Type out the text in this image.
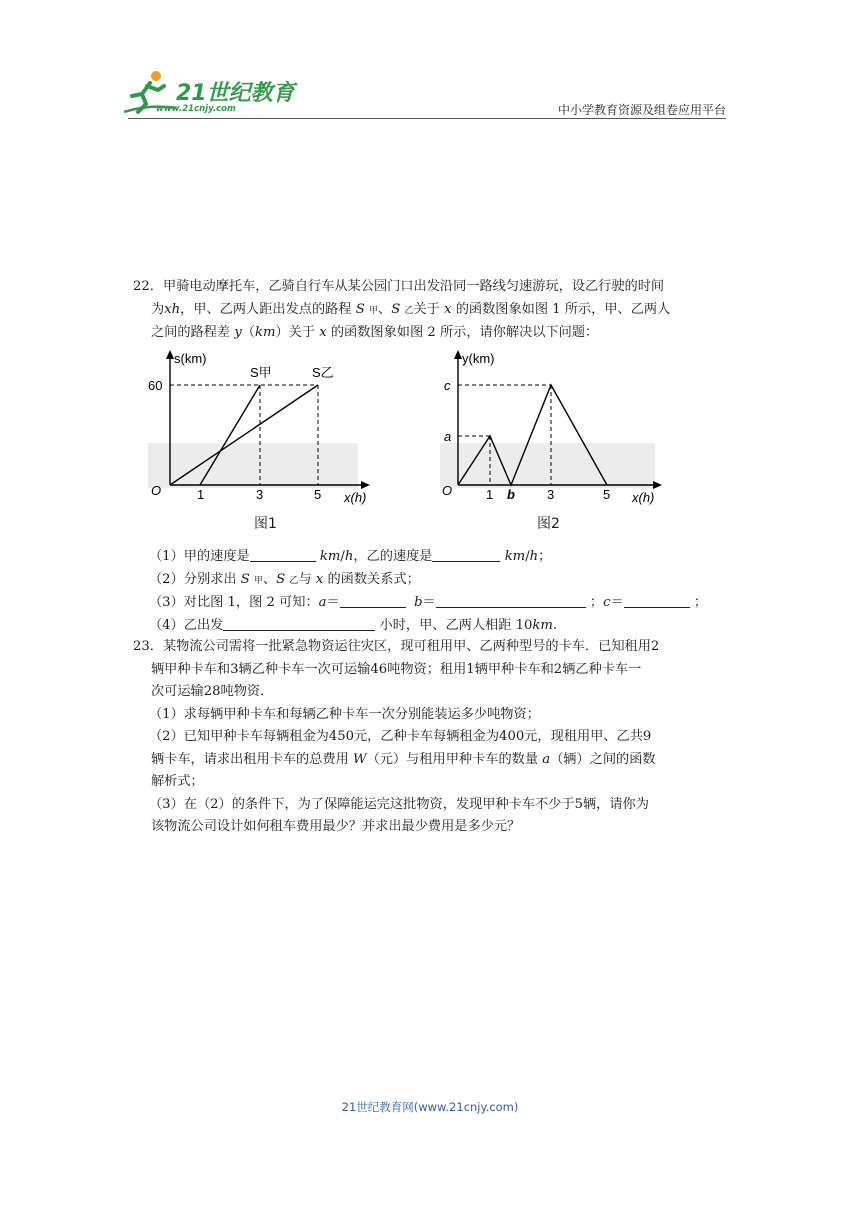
21世纪教育
www.21cnjy.com	中小学教育资源及组卷应用平台

22．甲骑电动摩托车，乙骑自行车从某公园门口出发沿同一路线匀速游玩，设乙行驶的时间

为xh，甲、乙两人距出发点的路程 S 甲、S 乙关于 x 的函数图象如图 1 所示，甲、乙两人

之间的路程差 y（km）关于 x 的函数图象如图 2 所示，请你解决以下问题：

s(km)
60
O	1	3	5 x(h)
S甲	S乙
图1
y(km)
c
a
O	1 b 3	5 x(h)
图2

（1）甲的速度是	km/h，乙的速度是	km/h；

（2）分别求出 S 甲、S 乙与 x 的函数关系式；

（3）对比图 1，图 2 可知：a＝	b＝	；c＝	；

（4）乙出发	小时，甲、乙两人相距 10km.

23．某物流公司需将一批紧急物资运往灾区，现可租用甲、乙两种型号的卡车．已知租用2

辆甲种卡车和3辆乙种卡车一次可运输46吨物资；租用1辆甲种卡车和2辆乙种卡车一

次可运输28吨物资．

（1）求每辆甲种卡车和每辆乙种卡车一次分别能装运多少吨物资；

（2）已知甲种卡车每辆租金为450元，乙种卡车每辆租金为400元，现租用甲、乙共9

辆卡车，请求出租用卡车的总费用 W（元）与租用甲种卡车的数量 a（辆）之间的函数

解析式；

（3）在（2）的条件下，为了保障能运完这批物资，发现甲种卡车不少于5辆，请你为

该物流公司设计如何租车费用最少？并求出最少费用是多少元？

21世纪教育网(www.21cnjy.com)
